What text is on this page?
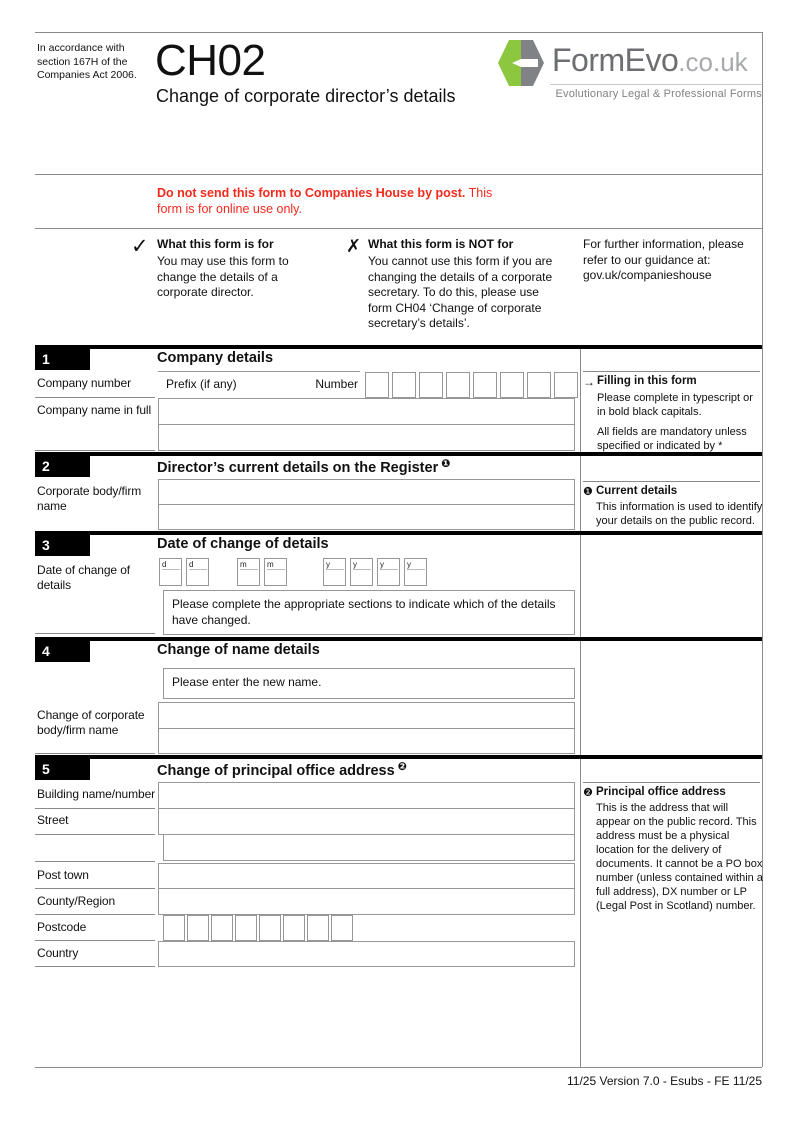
In accordance with section 167H of the Companies Act 2006. CH02
Change of corporate director’s details
FormEvo .co.uk
Evolutionary Legal & Professional Forms
Do not send this form to Companies House by post. This form is for online use only.
✓ What this form is for
You may use this form to change the details of a corporate director.
✗ What this form is NOT for
You cannot use this form if you are changing the details of a corporate secretary. To do this, please use form CH04 ‘Change of corporate secretary’s details’.
For further information, please refer to our guidance at: gov.uk/companieshouse
1	Company details
Company number	Prefix (if any)	Number
Company name in full
→ Filling in this form
Please complete in typescript or in bold black capitals.
All fields are mandatory unless specified or indicated by *
2	Director’s current details on the Register $^❶$
Corporate body/firm name
❶ Current details
This information is used to identify your details on the public record.
3	Date of change of details
Date of change of details
d	d	m	m	y	y	y	y
Please complete the appropriate sections to indicate which of the details have changed.
4	Change of name details
Please enter the new name.
Change of corporate body/firm name
5	Change of principal office address $^❷$
Building name/number
Street
Post town
County/Region
Postcode
Country
❷ Principal office address
This is the address that will appear on the public record. This address must be a physical location for the delivery of documents. It cannot be a PO box number (unless contained within a full address), DX number or LP (Legal Post in Scotland) number.
11/25 Version 7.0 - Esubs - FE 11/25
